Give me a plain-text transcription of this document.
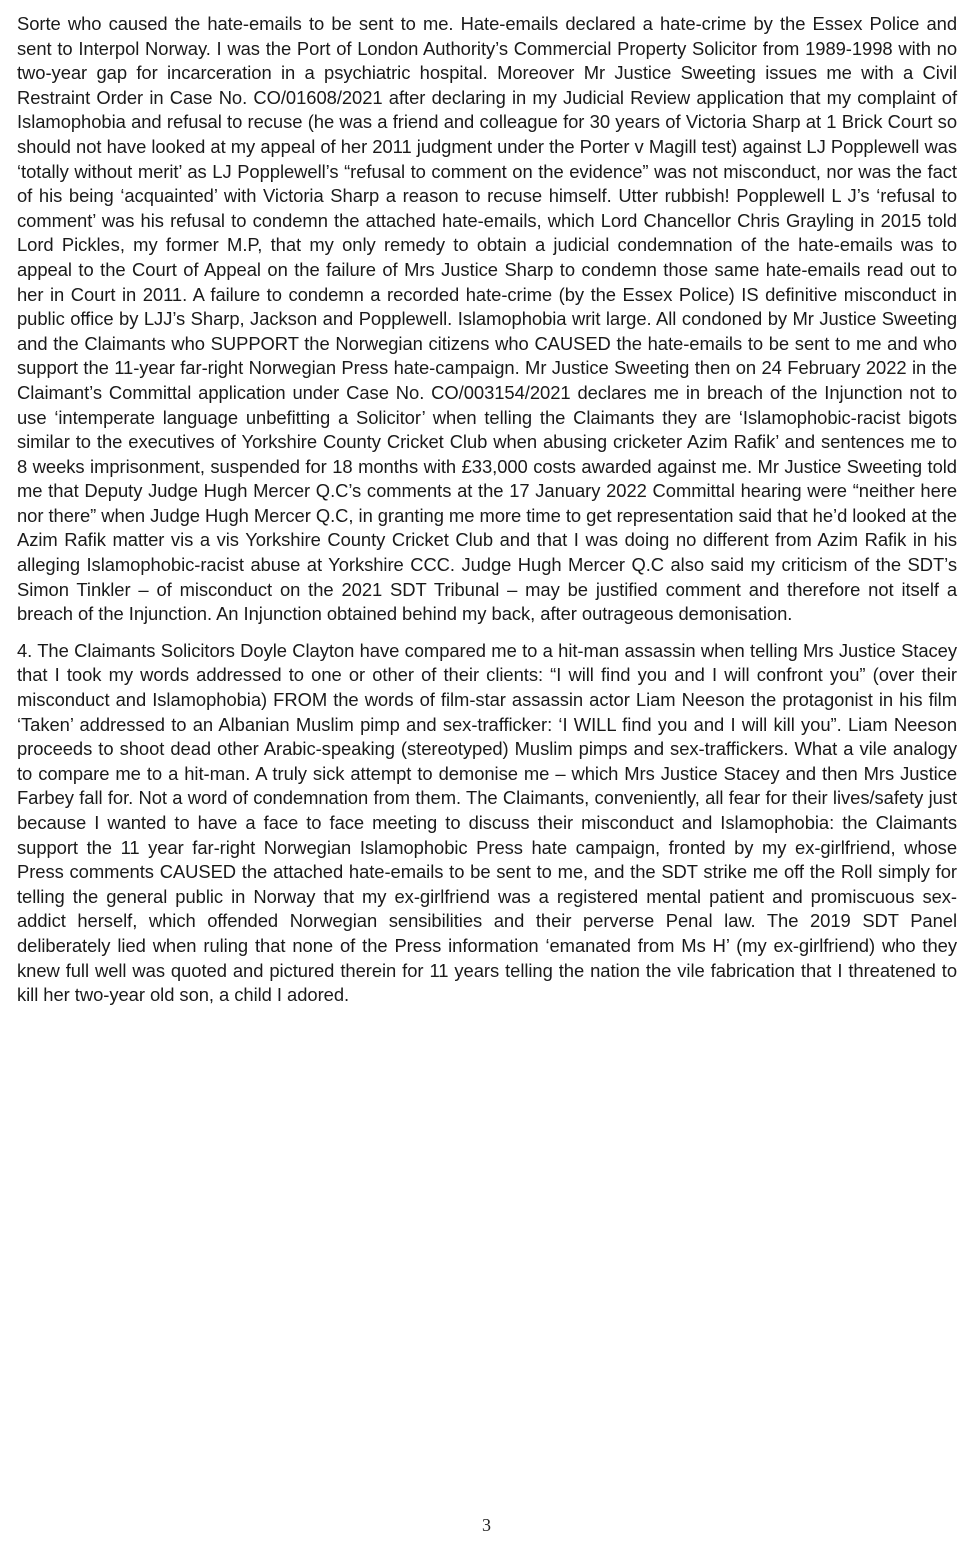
Sorte who caused the hate-emails to be sent to me. Hate-emails declared a hate-crime by the Essex Police and sent to Interpol Norway. I was the Port of London Authority’s Commercial Property Solicitor from 1989-1998 with no two-year gap for incarceration in a psychiatric hospital. Moreover Mr Justice Sweeting issues me with a Civil Restraint Order in Case No. CO/01608/2021 after declaring in my Judicial Review application that my complaint of Islamophobia and refusal to recuse (he was a friend and colleague for 30 years of Victoria Sharp at 1 Brick Court so should not have looked at my appeal of her 2011 judgment under the Porter v Magill test) against LJ Popplewell was ‘totally without merit’ as LJ Popplewell’s “refusal to comment on the evidence” was not misconduct, nor was the fact of his being ‘acquainted’ with Victoria Sharp a reason to recuse himself. Utter rubbish! Popplewell L J’s ‘refusal to comment’ was his refusal to condemn the attached hate-emails, which Lord Chancellor Chris Grayling in 2015 told Lord Pickles, my former M.P, that my only remedy to obtain a judicial condemnation of the hate-emails was to appeal to the Court of Appeal on the failure of Mrs Justice Sharp to condemn those same hate-emails read out to her in Court in 2011. A failure to condemn a recorded hate-crime (by the Essex Police) IS definitive misconduct in public office by LJJ’s Sharp, Jackson and Popplewell. Islamophobia writ large. All condoned by Mr Justice Sweeting and the Claimants who SUPPORT the Norwegian citizens who CAUSED the hate-emails to be sent to me and who support the 11-year far-right Norwegian Press hate-campaign. Mr Justice Sweeting then on 24 February 2022 in the Claimant’s Committal application under Case No. CO/003154/2021 declares me in breach of the Injunction not to use ‘intemperate language unbefitting a Solicitor’ when telling the Claimants they are ‘Islamophobic-racist bigots similar to the executives of Yorkshire County Cricket Club when abusing cricketer Azim Rafik’ and sentences me to 8 weeks imprisonment, suspended for 18 months with £33,000 costs awarded against me. Mr Justice Sweeting told me that Deputy Judge Hugh Mercer Q.C’s comments at the 17 January 2022 Committal hearing were “neither here nor there” when Judge Hugh Mercer Q.C, in granting me more time to get representation said that he’d looked at the Azim Rafik matter vis a vis Yorkshire County Cricket Club and that I was doing no different from Azim Rafik in his alleging Islamophobic-racist abuse at Yorkshire CCC. Judge Hugh Mercer Q.C also said my criticism of the SDT’s Simon Tinkler – of misconduct on the 2021 SDT Tribunal – may be justified comment and therefore not itself a breach of the Injunction. An Injunction obtained behind my back, after outrageous demonisation.

4. The Claimants Solicitors Doyle Clayton have compared me to a hit-man assassin when telling Mrs Justice Stacey that I took my words addressed to one or other of their clients: “I will find you and I will confront you” (over their misconduct and Islamophobia) FROM the words of film-star assassin actor Liam Neeson the protagonist in his film ‘Taken’ addressed to an Albanian Muslim pimp and sex-trafficker: ‘I WILL find you and I will kill you”. Liam Neeson proceeds to shoot dead other Arabic-speaking (stereotyped) Muslim pimps and sex-traffickers. What a vile analogy to compare me to a hit-man. A truly sick attempt to demonise me – which Mrs Justice Stacey and then Mrs Justice Farbey fall for. Not a word of condemnation from them. The Claimants, conveniently, all fear for their lives/safety just because I wanted to have a face to face meeting to discuss their misconduct and Islamophobia: the Claimants support the 11 year far-right Norwegian Islamophobic Press hate campaign, fronted by my ex-girlfriend, whose Press comments CAUSED the attached hate-emails to be sent to me, and the SDT strike me off the Roll simply for telling the general public in Norway that my ex-girlfriend was a registered mental patient and promiscuous sex-addict herself, which offended Norwegian sensibilities and their perverse Penal law. The 2019 SDT Panel deliberately lied when ruling that none of the Press information ‘emanated from Ms H’ (my ex-girlfriend) who they knew full well was quoted and pictured therein for 11 years telling the nation the vile fabrication that I threatened to kill her two-year old son, a child I adored.

3
